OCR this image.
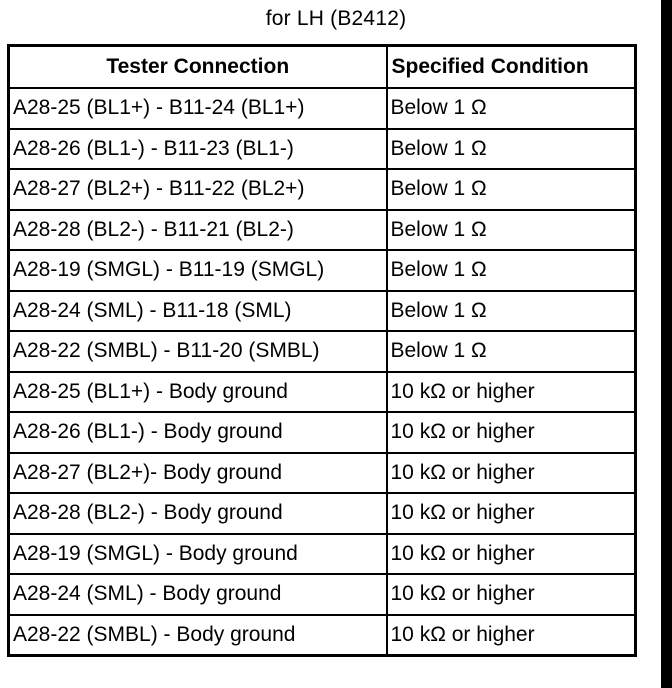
for LH (B2412)
Tester Connection	Specified Condition
A28-25 (BL1+) - B11-24 (BL1+)	Below 1 Ω
A28-26 (BL1-) - B11-23 (BL1-)	Below 1 Ω
A28-27 (BL2+) - B11-22 (BL2+)	Below 1 Ω
A28-28 (BL2-) - B11-21 (BL2-)	Below 1 Ω
A28-19 (SMGL) - B11-19 (SMGL)	Below 1 Ω
A28-24 (SML) - B11-18 (SML)	Below 1 Ω
A28-22 (SMBL) - B11-20 (SMBL)	Below 1 Ω
A28-25 (BL1+) - Body ground	10 kΩ or higher
A28-26 (BL1-) - Body ground	10 kΩ or higher
A28-27 (BL2+)- Body ground	10 kΩ or higher
A28-28 (BL2-) - Body ground	10 kΩ or higher
A28-19 (SMGL) - Body ground	10 kΩ or higher
A28-24 (SML) - Body ground	10 kΩ or higher
A28-22 (SMBL) - Body ground	10 kΩ or higher
